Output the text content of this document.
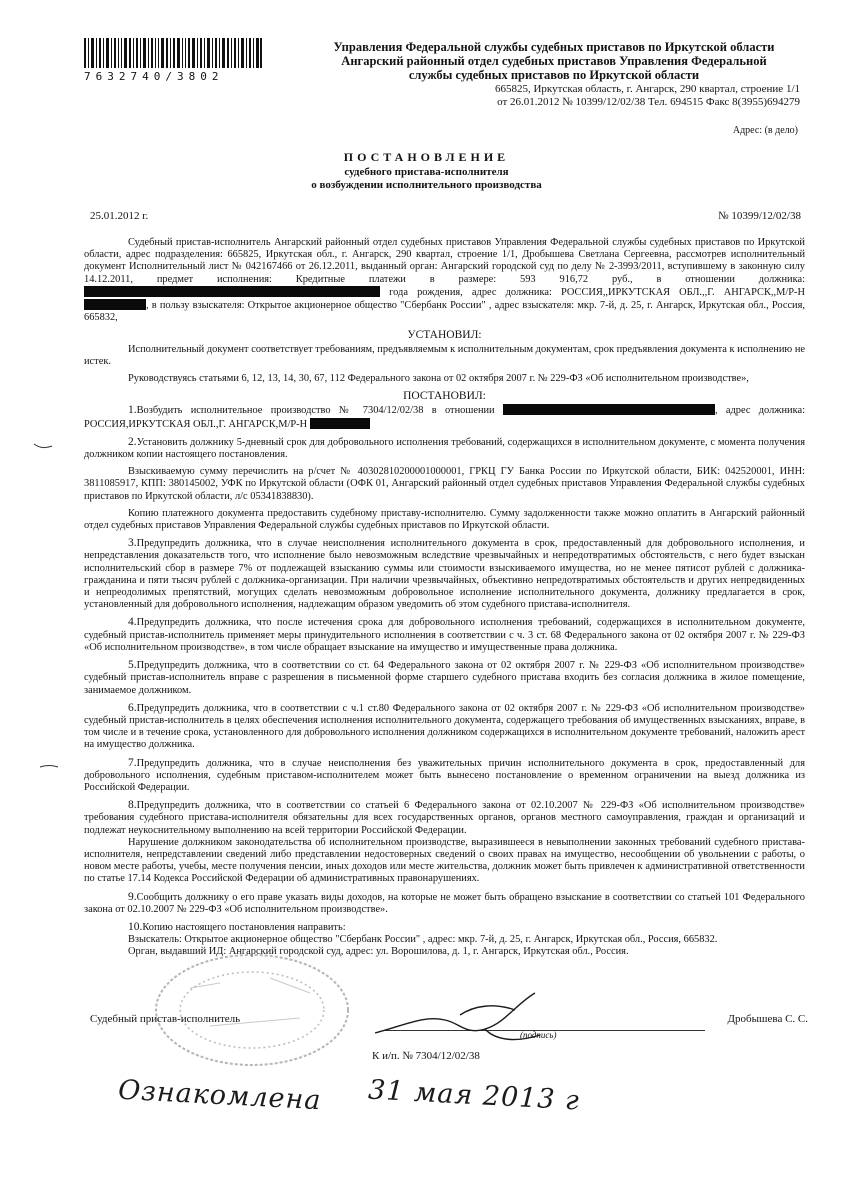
7632740/3802
Управления Федеральной службы судебных приставов по Иркутской области
Ангарский районный отдел судебных приставов Управления Федеральной
службы судебных приставов по Иркутской области
665825, Иркутская область, г. Ангарск, 290 квартал, строение 1/1
от 26.01.2012 № 10399/12/02/38 Тел. 694515 Факс 8(3955)694279
Адрес: (в дело)
ПОСТАНОВЛЕНИЕ
судебного пристава-исполнителя
о возбуждении исполнительного производства
25.01.2012 г.	№ 10399/12/02/38

Судебный пристав-исполнитель Ангарский районный отдел судебных приставов Управления Федеральной службы судебных приставов по Иркутской области, адрес подразделения: 665825, Иркутская обл., г. Ангарск, 290 квартал, строение 1/1, Дробышева Светлана Сергеевна, рассмотрев исполнительный документ Исполнительный лист № 042167466 от 26.12.2011, выданный орган: Ангарский городской суд по делу № 2-3993/2011, вступившему в законную силу 14.12.2011, предмет исполнения: Кредитные платежи в размере: 593 916,72 руб., в отношении должника:  года рождения, адрес должника: РОССИЯ,,ИРКУТСКАЯ ОБЛ.,,Г. АНГАРСК,,М/Р-Н , в пользу взыскателя: Открытое акционерное общество "Сбербанк России" , адрес взыскателя: мкр. 7-й, д. 25, г. Ангарск, Иркутская обл., Россия, 665832,

УСТАНОВИЛ:

Исполнительный документ соответствует требованиям, предъявляемым к исполнительным документам, срок предъявления документа к исполнению не истек.

Руководствуясь статьями 6, 12, 13, 14, 30, 67, 112 Федерального закона от 02 октября 2007 г. № 229-ФЗ «Об исполнительном производстве»,

ПОСТАНОВИЛ:

1.Возбудить исполнительное производство № 7304/12/02/38 в отношении	, адрес должника: РОССИЯ,ИРКУТСКАЯ ОБЛ.,Г. АНГАРСК,М/Р-Н

2.Установить должнику 5-дневный срок для добровольного исполнения требований, содержащихся в исполнительном документе, с момента получения должником копии настоящего постановления.

Взыскиваемую сумму перечислить на р/счет № 40302810200001000001, ГРКЦ ГУ Банка России по Иркутской области, БИК: 042520001, ИНН: 3811085917, КПП: 380145002, УФК по Иркутской области (ОФК 01, Ангарский районный отдел судебных приставов Управления Федеральной службы судебных приставов по Иркутской области, л/с 05341838830).

Копию платежного документа предоставить судебному приставу-исполнителю. Сумму задолженности также можно оплатить в Ангарский районный отдел судебных приставов Управления Федеральной службы судебных приставов по Иркутской области.

3.Предупредить должника, что в случае неисполнения исполнительного документа в срок, предоставленный для добровольного исполнения, и непредставления доказательств того, что исполнение было невозможным вследствие чрезвычайных и непредотвратимых обстоятельств, с него будет взыскан исполнительский сбор в размере 7% от подлежащей взысканию суммы или стоимости взыскиваемого имущества, но не менее пятисот рублей с должника-гражданина и пяти тысяч рублей с должника-организации. При наличии чрезвычайных, объективно непредотвратимых обстоятельств и других непредвиденных и непреодолимых препятствий, могущих сделать невозможным добровольное исполнение исполнительного документа, должнику предлагается в срок, установленный для добровольного исполнения, надлежащим образом уведомить об этом судебного пристава-исполнителя.

4.Предупредить должника, что после истечения срока для добровольного исполнения требований, содержащихся в исполнительном документе, судебный пристав-исполнитель применяет меры принудительного исполнения в соответствии с ч. 3 ст. 68 Федерального закона от 02 октября 2007 г. № 229-ФЗ «Об исполнительном производстве», в том числе обращает взыскание на имущество и имущественные права должника.

5.Предупредить должника, что в соответствии со ст. 64 Федерального закона от 02 октября 2007 г. № 229-ФЗ «Об исполнительном производстве» судебный пристав-исполнитель вправе с разрешения в письменной форме старшего судебного пристава входить без согласия должника в жилое помещение, занимаемое должником.

6.Предупредить должника, что в соответствии с ч.1 ст.80 Федерального закона от 02 октября 2007 г. № 229-ФЗ «Об исполнительном производстве» судебный пристав-исполнитель в целях обеспечения исполнения исполнительного документа, содержащего требования об имущественных взысканиях, вправе, в том числе и в течение срока, установленного для добровольного исполнения должником содержащихся в исполнительном документе требований, наложить арест на имущество должника.

7.Предупредить должника, что в случае неисполнения без уважительных причин исполнительного документа в срок, предоставленный для добровольного исполнения, судебным приставом-исполнителем может быть вынесено постановление о временном ограничении на выезд должника из Российской Федерации.

8.Предупредить должника, что в соответствии со статьей 6 Федерального закона от 02.10.2007 № 229-ФЗ «Об исполнительном производстве» требования судебного пристава-исполнителя обязательны для всех государственных органов, органов местного самоуправления, граждан и организаций и подлежат неукоснительному выполнению на всей территории Российской Федерации.

Нарушение должником законодательства об исполнительном производстве, выразившееся в невыполнении законных требований судебного пристава-исполнителя, непредставлении сведений либо представлении недостоверных сведений о своих правах на имущество, несообщении об увольнении с работы, о новом месте работы, учебы, месте получения пенсии, иных доходов или месте жительства, должник может быть привлечен к административной ответственности по статье 17.14 Кодекса Российской Федерации об административных правонарушениях.

9.Сообщить должнику о его праве указать виды доходов, на которые не может быть обращено взыскание в соответствии со статьей 101 Федерального закона от 02.10.2007 № 229-ФЗ «Об исполнительном производстве».

10.Копию настоящего постановления направить:

Взыскатель: Открытое акционерное общество "Сбербанк России" , адрес: мкр. 7-й, д. 25, г. Ангарск, Иркутская обл., Россия, 665832.

Орган, выдавший ИД: Ангарский городской суд, адрес: ул. Ворошилова, д. 1, г. Ангарск, Иркутская обл., Россия.

Судебный пристав-исполнитель
(подпись)
Дробышева С. С.
К и/п. № 7304/12/02/38
Ознакомлена 31 мая 2013 г
